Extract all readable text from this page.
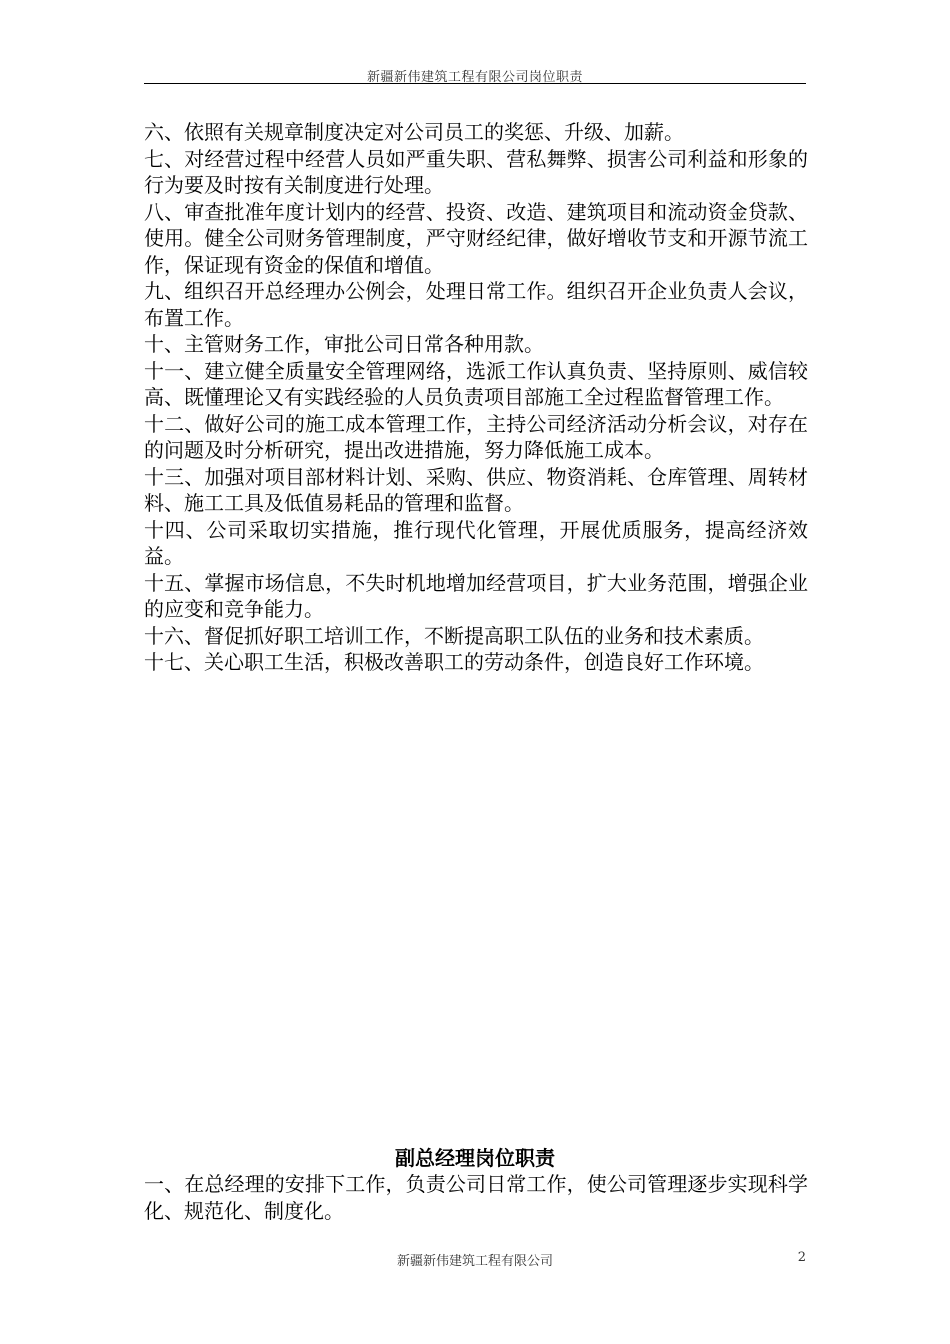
新疆新伟建筑工程有限公司岗位职责

六、依照有关规章制度决定对公司员工的奖惩、升级、加薪。

七、对经营过程中经营人员如严重失职、营私舞弊、损害公司利益和形象的行为要及时按有关制度进行处理。

八、审查批准年度计划内的经营、投资、改造、建筑项目和流动资金贷款、使用。健全公司财务管理制度，严守财经纪律，做好增收节支和开源节流工作，保证现有资金的保值和增值。

九、组织召开总经理办公例会，处理日常工作。组织召开企业负责人会议，布置工作。

十、主管财务工作，审批公司日常各种用款。

十一、建立健全质量安全管理网络，选派工作认真负责、坚持原则、威信较高、既懂理论又有实践经验的人员负责项目部施工全过程监督管理工作。

十二、做好公司的施工成本管理工作，主持公司经济活动分析会议，对存在的问题及时分析研究，提出改进措施，努力降低施工成本。

十三、加强对项目部材料计划、采购、供应、物资消耗、仓库管理、周转材料、施工工具及低值易耗品的管理和监督。

十四、公司采取切实措施，推行现代化管理，开展优质服务，提高经济效益。

十五、掌握市场信息，不失时机地增加经营项目，扩大业务范围，增强企业的应变和竞争能力。

十六、督促抓好职工培训工作，不断提高职工队伍的业务和技术素质。

十七、关心职工生活，积极改善职工的劳动条件，创造良好工作环境。

副总经理岗位职责

一、在总经理的安排下工作，负责公司日常工作，使公司管理逐步实现科学化、规范化、制度化。

新疆新伟建筑工程有限公司	2
